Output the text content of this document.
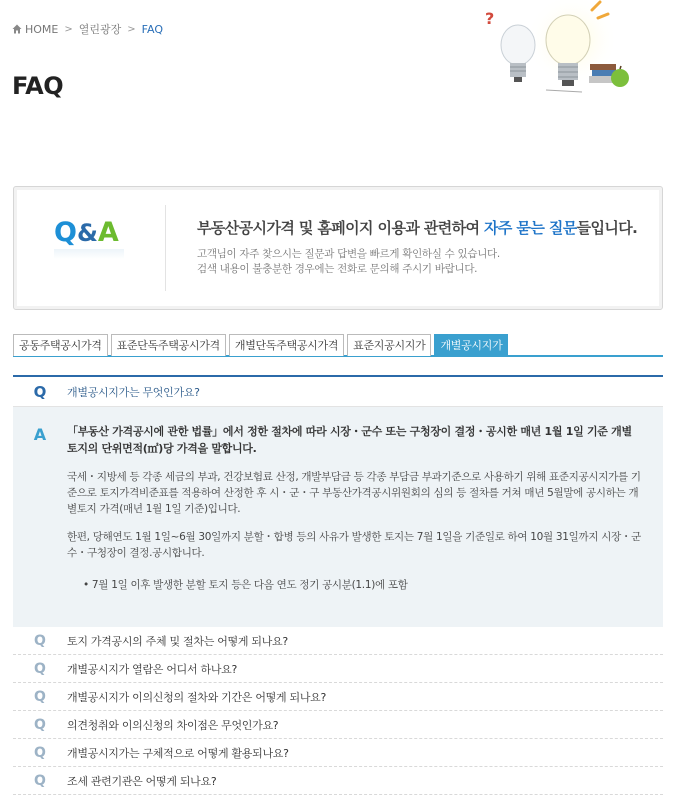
HOME > 열린광장 > FAQ
FAQ
?
Q&A	부동산공시가격 및 홈페이지 이용과 관련하여 자주 묻는 질문들입니다.
고객님이 자주 찾으시는 질문과 답변을 빠르게 확인하실 수 있습니다.
검색 내용이 불충분한 경우에는 전화로 문의해 주시기 바랍니다.
공동주택공시가격	표준단독주택공시가격	개별단독주택공시가격	표준지공시지가	개별공시지가
Q	개별공시지가는 무엇인가요?
A	「부동산 가격공시에 관한 법률」에서 정한 절차에 따라 시장・군수 또는 구청장이 결정・공시한 매년 1월 1일 기준 개별 토지의 단위면적(㎡)당 가격을 말합니다.

국세・지방세 등 각종 세금의 부과, 건강보험료 산정, 개발부담금 등 각종 부담금 부과기준으로 사용하기 위해 표준지공시지가를 기준으로 토지가격비준표를 적용하여 산정한 후 시・군・구 부동산가격공시위원회의 심의 등 절차를 거쳐 매년 5월말에 공시하는 개별토지 가격(매년 1월 1일 기준)입니다.

한편, 당해연도 1월 1일~6월 30일까지 분할・합병 등의 사유가 발생한 토지는 7월 1일을 기준일로 하여 10월 31일까지 시장・군수・구청장이 결정.공시합니다.

• 7월 1일 이후 발생한 분할 토지 등은 다음 연도 정기 공시분(1.1)에 포함

Q	토지 가격공시의 주체 및 절차는 어떻게 되나요?
Q	개별공시지가 열람은 어디서 하나요?
Q	개별공시지가 이의신청의 절차와 기간은 어떻게 되나요?
Q	의견청취와 이의신청의 차이점은 무엇인가요?
Q	개별공시지가는 구체적으로 어떻게 활용되나요?
Q	조세 관련기관은 어떻게 되나요?
